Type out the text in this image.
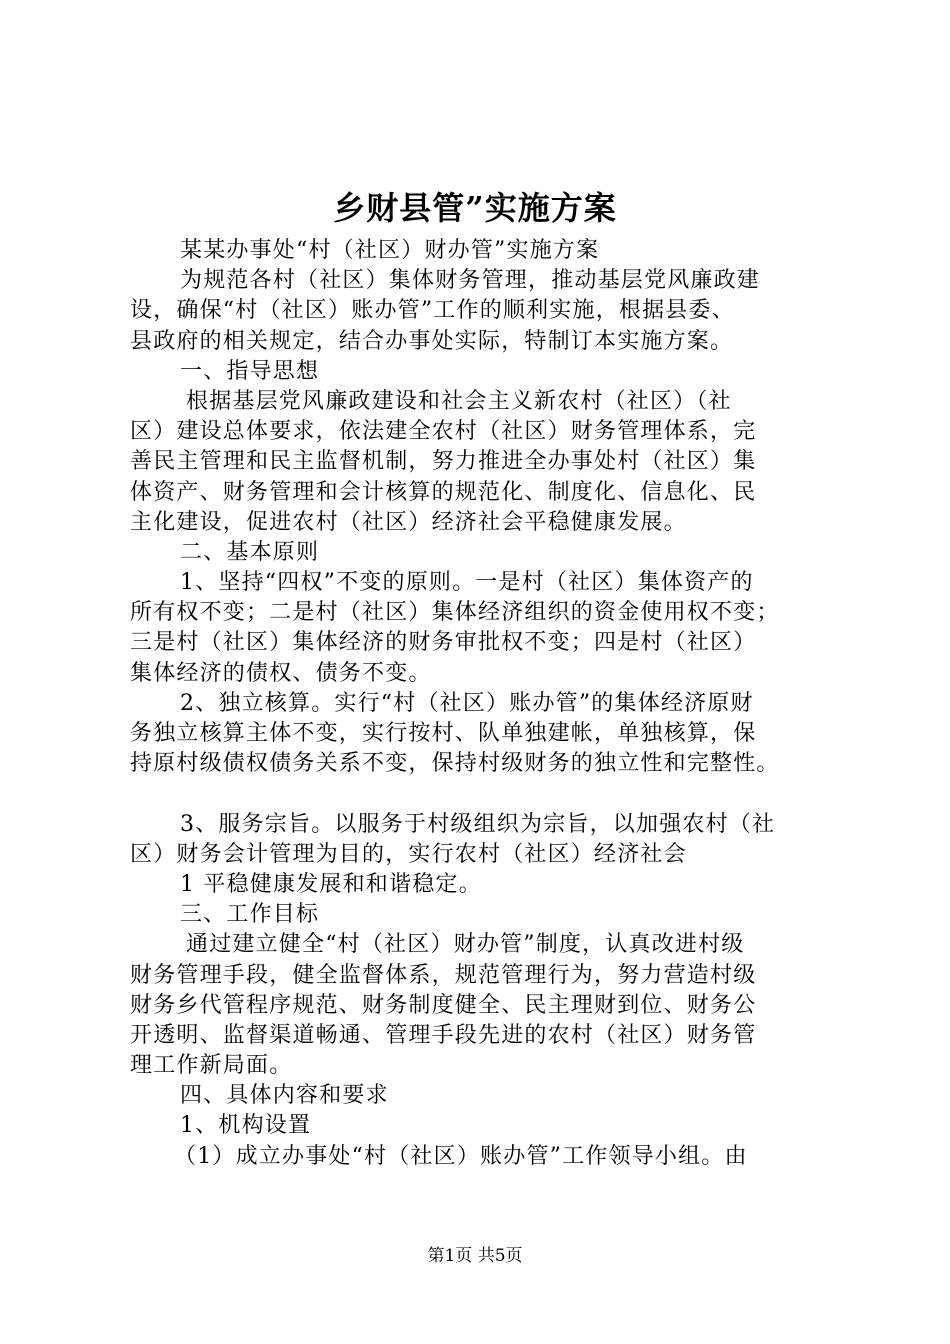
乡财县管”实施方案
某某办事处“村（社区）财办管”实施方案
为规范各村（社区）集体财务管理，推动基层党风廉政建
设，确保“村（社区）账办管”工作的顺利实施，根据县委、
县政府的相关规定，结合办事处实际，特制订本实施方案。
一、指导思想
根据基层党风廉政建设和社会主义新农村（社区）（社
区）建设总体要求，依法建全农村（社区）财务管理体系，完
善民主管理和民主监督机制，努力推进全办事处村（社区）集
体资产、财务管理和会计核算的规范化、制度化、信息化、民
主化建设，促进农村（社区）经济社会平稳健康发展。
二、基本原则
1、坚持“四权”不变的原则。一是村（社区）集体资产的
所有权不变；二是村（社区）集体经济组织的资金使用权不变；
三是村（社区）集体经济的财务审批权不变；四是村（社区）
集体经济的债权、债务不变。
2、独立核算。实行“村（社区）账办管”的集体经济原财
务独立核算主体不变，实行按村、队单独建帐，单独核算，保
持原村级债权债务关系不变，保持村级财务的独立性和完整性。
3、服务宗旨。以服务于村级组织为宗旨，以加强农村（社
区）财务会计管理为目的，实行农村（社区）经济社会
1 平稳健康发展和和谐稳定。
三、工作目标
通过建立健全“村（社区）财办管”制度，认真改进村级
财务管理手段，健全监督体系，规范管理行为，努力营造村级
财务乡代管程序规范、财务制度健全、民主理财到位、财务公
开透明、监督渠道畅通、管理手段先进的农村（社区）财务管
理工作新局面。
四、具体内容和要求
1、机构设置
（1）成立办事处“村（社区）账办管”工作领导小组。由
第1页 共5页
